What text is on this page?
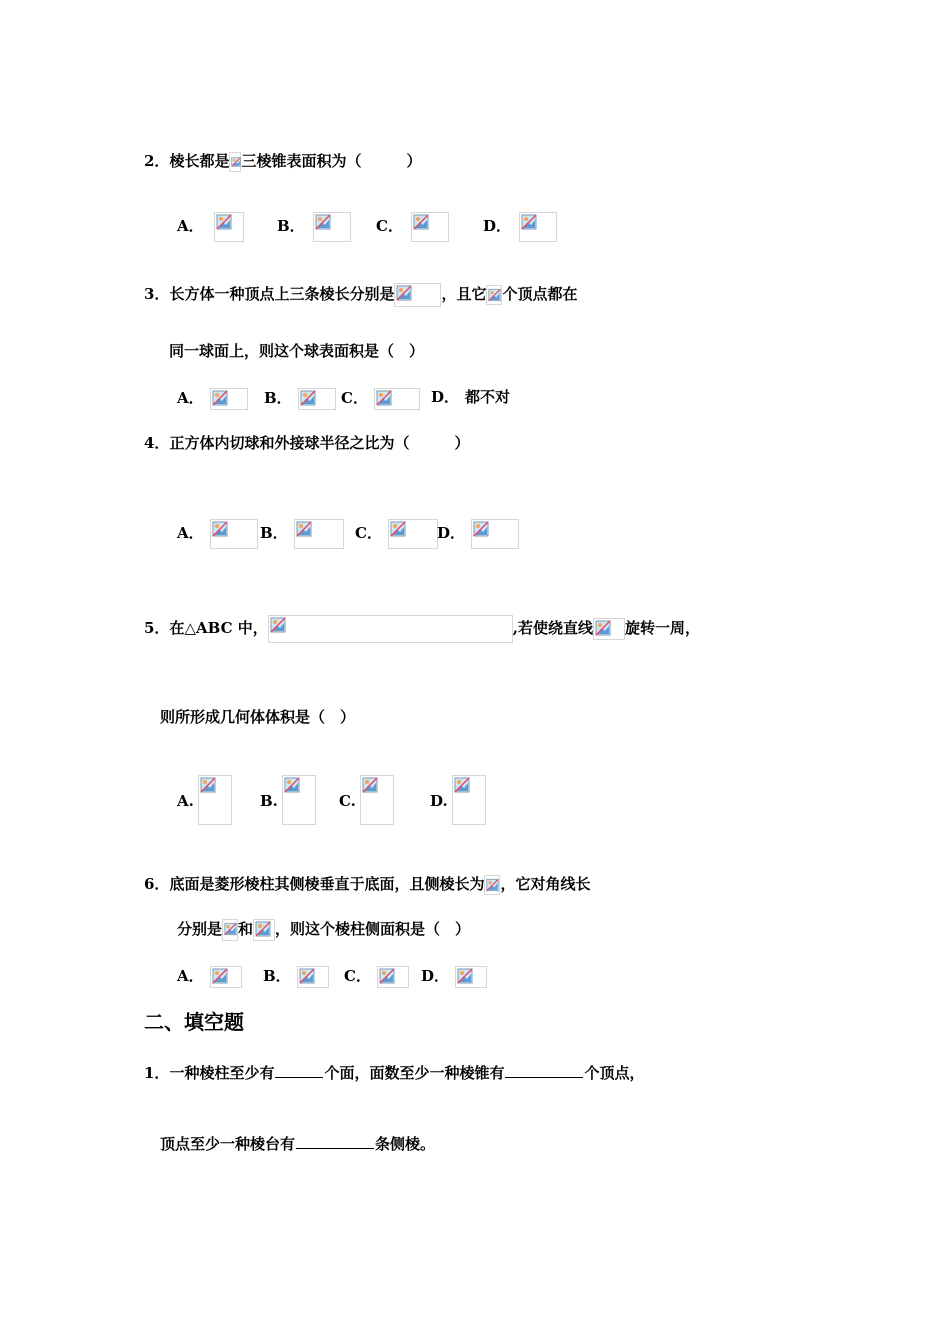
2．棱长都是 三棱锥表面积为（　　　）
A．	B．	C．	D．
3．长方体一种顶点上三条棱长分别是	，且它 个顶点都在
同一球面上，则这个球表面积是（　）
A．	B．	C．	D． 都不对
4．正方体内切球和外接球半径之比为（　　　）
A．	B．	C．	D．
5．在△ABC 中，	,若使绕直线 旋转一周，
则所形成几何体体积是（　）
A.	B.	C.	D.
6．底面是菱形棱柱其侧棱垂直于底面，且侧棱长为 ，它对角线长
分别是 和 ，则这个棱柱侧面积是（　）
A．	B．	C．	D．
二、填空题
1．一种棱柱至少有	个面，面数至少一种棱锥有	个顶点，
顶点至少一种棱台有	条侧棱。
